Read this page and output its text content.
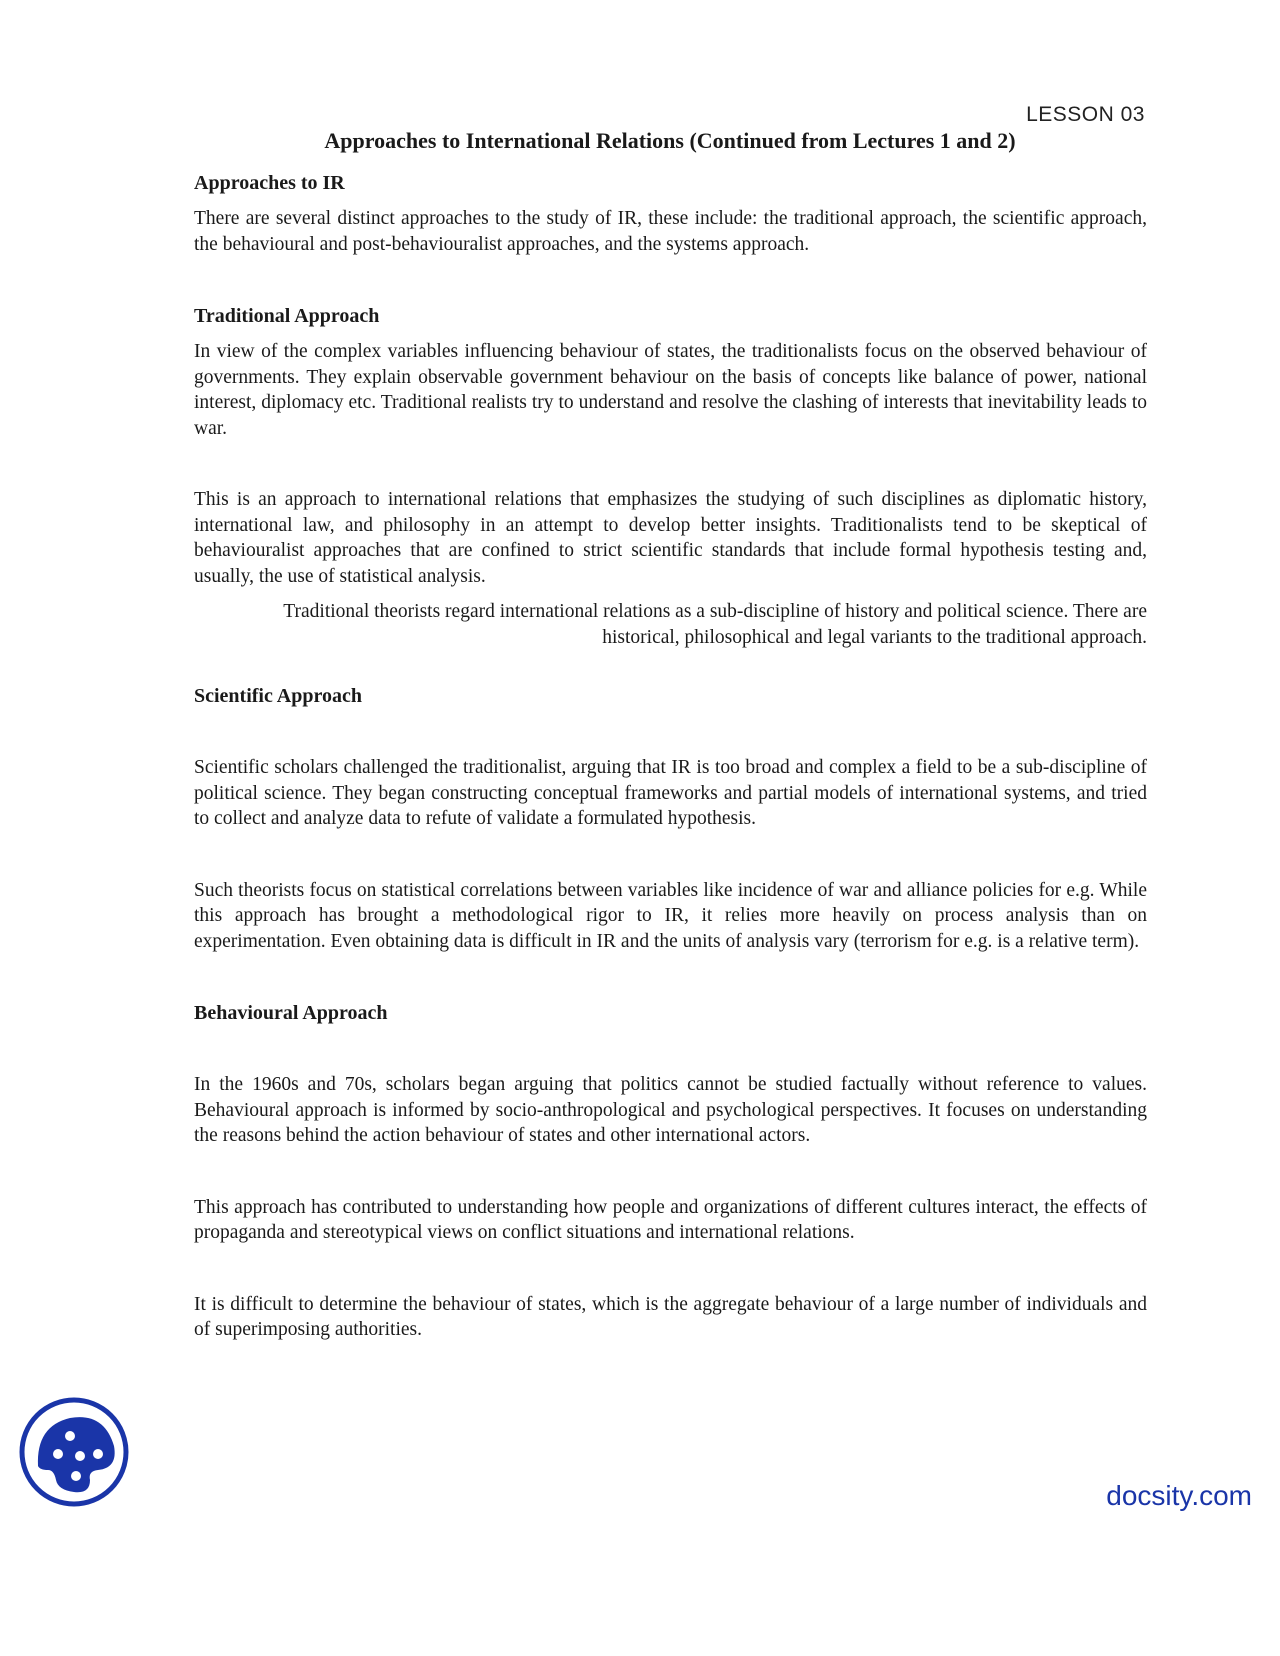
LESSON 03
Approaches to International Relations (Continued from Lectures 1 and 2)
Approaches to IR

There are several distinct approaches to the study of IR, these include: the traditional approach, the scientific approach, the behavioural and post-behaviouralist approaches, and the systems approach.

Traditional Approach

In view of the complex variables influencing behaviour of states, the traditionalists focus on the observed behaviour of governments. They explain observable government behaviour on the basis of concepts like balance of power, national interest, diplomacy etc. Traditional realists try to understand and resolve the clashing of interests that inevitability leads to war.

This is an approach to international relations that emphasizes the studying of such disciplines as diplomatic history, international law, and philosophy in an attempt to develop better insights. Traditionalists tend to be skeptical of behaviouralist approaches that are confined to strict scientific standards that include formal hypothesis testing and, usually, the use of statistical analysis.

Traditional theorists regard international relations as a sub-discipline of history and political science. There are historical, philosophical and legal variants to the traditional approach.

Scientific Approach

Scientific scholars challenged the traditionalist, arguing that IR is too broad and complex a field to be a sub-discipline of political science. They began constructing conceptual frameworks and partial models of international systems, and tried to collect and analyze data to refute of validate a formulated hypothesis.

Such theorists focus on statistical correlations between variables like incidence of war and alliance policies for e.g. While this approach has brought a methodological rigor to IR, it relies more heavily on process analysis than on experimentation. Even obtaining data is difficult in IR and the units of analysis vary (terrorism for e.g. is a relative term).

Behavioural Approach

In the 1960s and 70s, scholars began arguing that politics cannot be studied factually without reference to values. Behavioural approach is informed by socio-anthropological and psychological perspectives. It focuses on understanding the reasons behind the action behaviour of states and other international actors.

This approach has contributed to understanding how people and organizations of different cultures interact, the effects of propaganda and stereotypical views on conflict situations and international relations.

It is difficult to determine the behaviour of states, which is the aggregate behaviour of a large number of individuals and of superimposing authorities.

docsity.com
